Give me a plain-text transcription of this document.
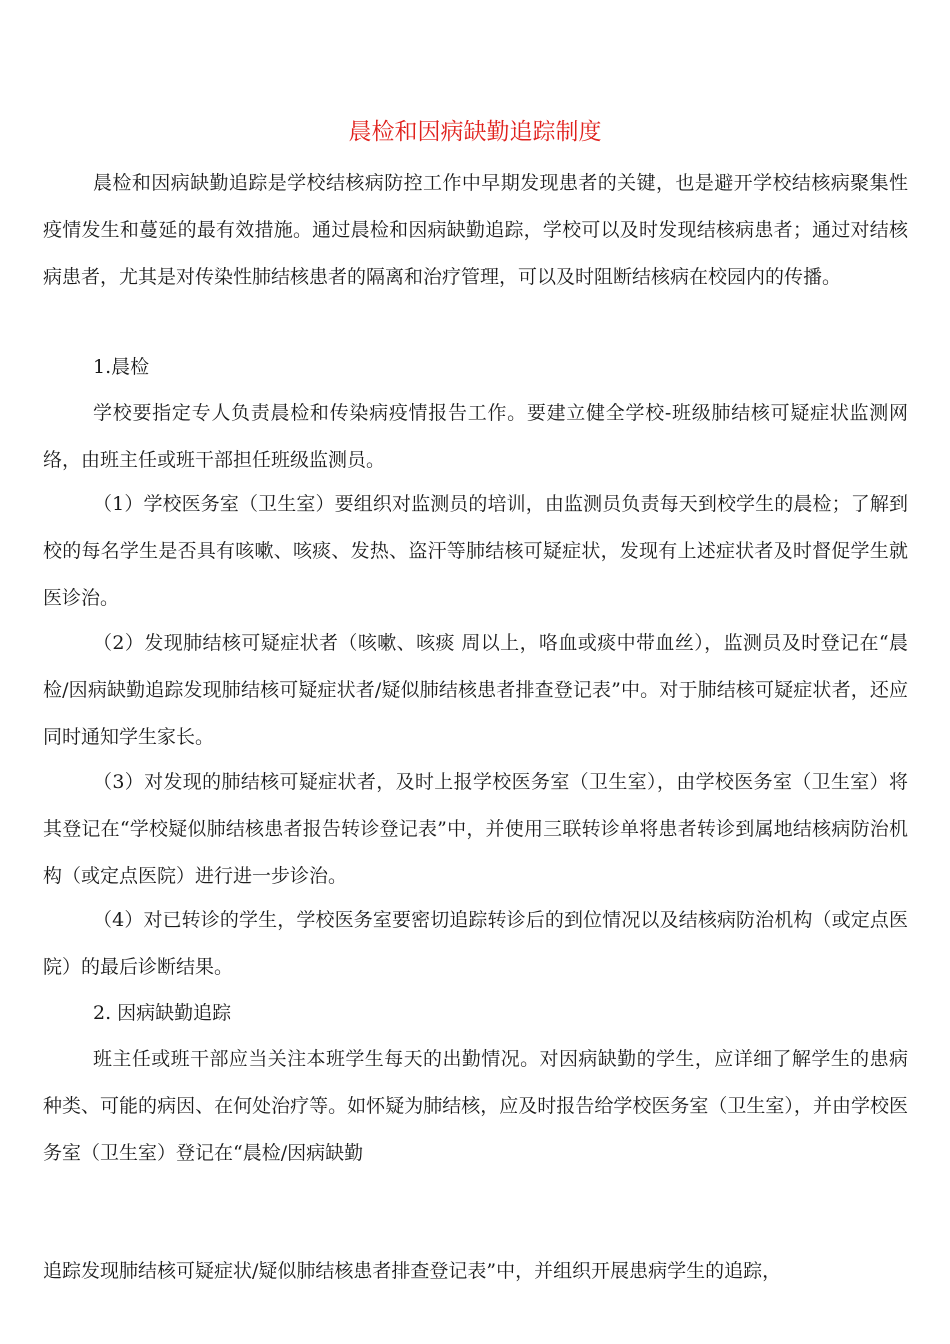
晨检和因病缺勤追踪制度

晨检和因病缺勤追踪是学校结核病防控工作中早期发现患者的关键，也是避开学校结核病聚集性疫情发生和蔓延的最有效措施。通过晨检和因病缺勤追踪，学校可以及时发现结核病患者；通过对结核病患者，尤其是对传染性肺结核患者的隔离和治疗管理，可以及时阻断结核病在校园内的传播。

1.晨检

学校要指定专人负责晨检和传染病疫情报告工作。要建立健全学校-班级肺结核可疑症状监测网络，由班主任或班干部担任班级监测员。

（1）学校医务室（卫生室）要组织对监测员的培训，由监测员负责每天到校学生的晨检；了解到校的每名学生是否具有咳嗽、咳痰、发热、盗汗等肺结核可疑症状，发现有上述症状者及时督促学生就医诊治。

（2）发现肺结核可疑症状者（咳嗽、咳痰 周以上，咯血或痰中带血丝），监测员及时登记在“晨检/因病缺勤追踪发现肺结核可疑症状者/疑似肺结核患者排查登记表”中。对于肺结核可疑症状者，还应同时通知学生家长。

（3）对发现的肺结核可疑症状者，及时上报学校医务室（卫生室），由学校医务室（卫生室）将其登记在“学校疑似肺结核患者报告转诊登记表”中，并使用三联转诊单将患者转诊到属地结核病防治机构（或定点医院）进行进一步诊治。

（4）对已转诊的学生，学校医务室要密切追踪转诊后的到位情况以及结核病防治机构（或定点医院）的最后诊断结果。

2. 因病缺勤追踪

班主任或班干部应当关注本班学生每天的出勤情况。对因病缺勤的学生，应详细了解学生的患病种类、可能的病因、在何处治疗等。如怀疑为肺结核，应及时报告给学校医务室（卫生室），并由学校医务室（卫生室）登记在“晨检/因病缺勤

追踪发现肺结核可疑症状/疑似肺结核患者排查登记表”中，并组织开展患病学生的追踪，
